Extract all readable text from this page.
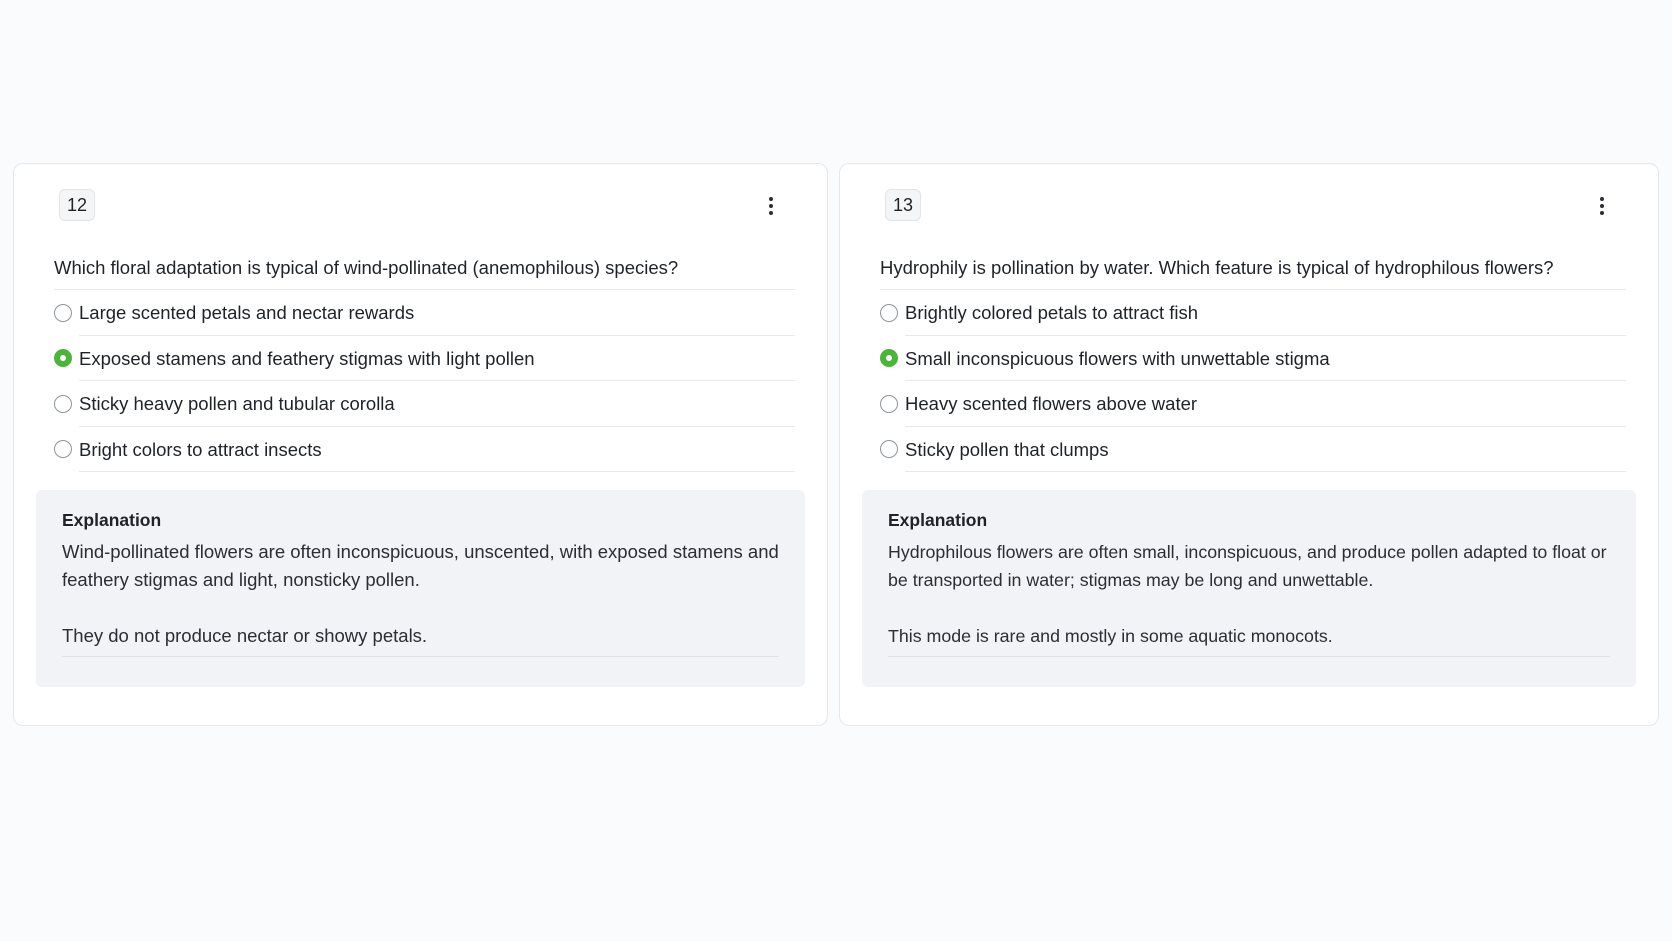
12
Which floral adaptation is typical of wind-pollinated (anemophilous) species?
Large scented petals and nectar rewards
Exposed stamens and feathery stigmas with light pollen
Sticky heavy pollen and tubular corolla
Bright colors to attract insects
Explanation
Wind-pollinated flowers are often inconspicuous, unscented, with exposed stamens and feathery stigmas and light, nonsticky pollen.
They do not produce nectar or showy petals.
13
Hydrophily is pollination by water. Which feature is typical of hydrophilous flowers?
Brightly colored petals to attract fish
Small inconspicuous flowers with unwettable stigma
Heavy scented flowers above water
Sticky pollen that clumps
Explanation
Hydrophilous flowers are often small, inconspicuous, and produce pollen adapted to float or be transported in water; stigmas may be long and unwettable.
This mode is rare and mostly in some aquatic monocots.
